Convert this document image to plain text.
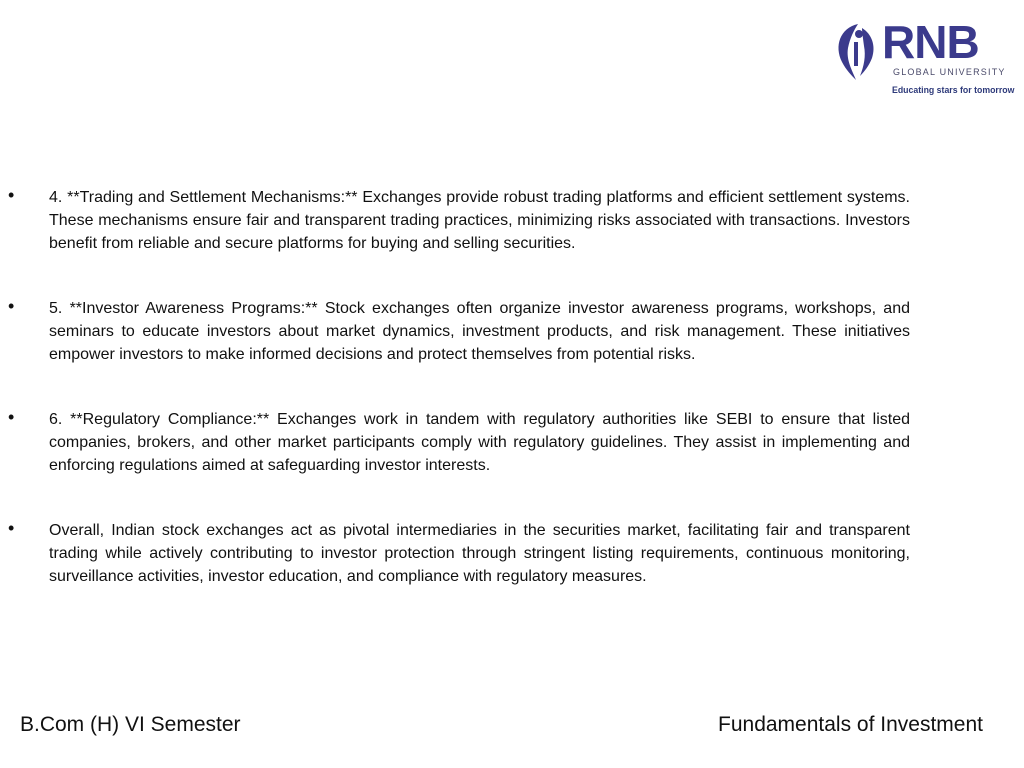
RNB
GLOBAL UNIVERSITY
Educating stars for tomorrow
• 4. **Trading and Settlement Mechanisms:** Exchanges provide robust trading platforms and efficient settlement systems. These mechanisms ensure fair and transparent trading practices, minimizing risks associated with transactions. Investors benefit from reliable and secure platforms for buying and selling securities.
• 5. **Investor Awareness Programs:** Stock exchanges often organize investor awareness programs, workshops, and seminars to educate investors about market dynamics, investment products, and risk management. These initiatives empower investors to make informed decisions and protect themselves from potential risks.
• 6. **Regulatory Compliance:** Exchanges work in tandem with regulatory authorities like SEBI to ensure that listed companies, brokers, and other market participants comply with regulatory guidelines. They assist in implementing and enforcing regulations aimed at safeguarding investor interests.
• Overall, Indian stock exchanges act as pivotal intermediaries in the securities market, facilitating fair and transparent trading while actively contributing to investor protection through stringent listing requirements, continuous monitoring, surveillance activities, investor education, and compliance with regulatory measures.
B.Com (H) VI Semester	Fundamentals of Investment
